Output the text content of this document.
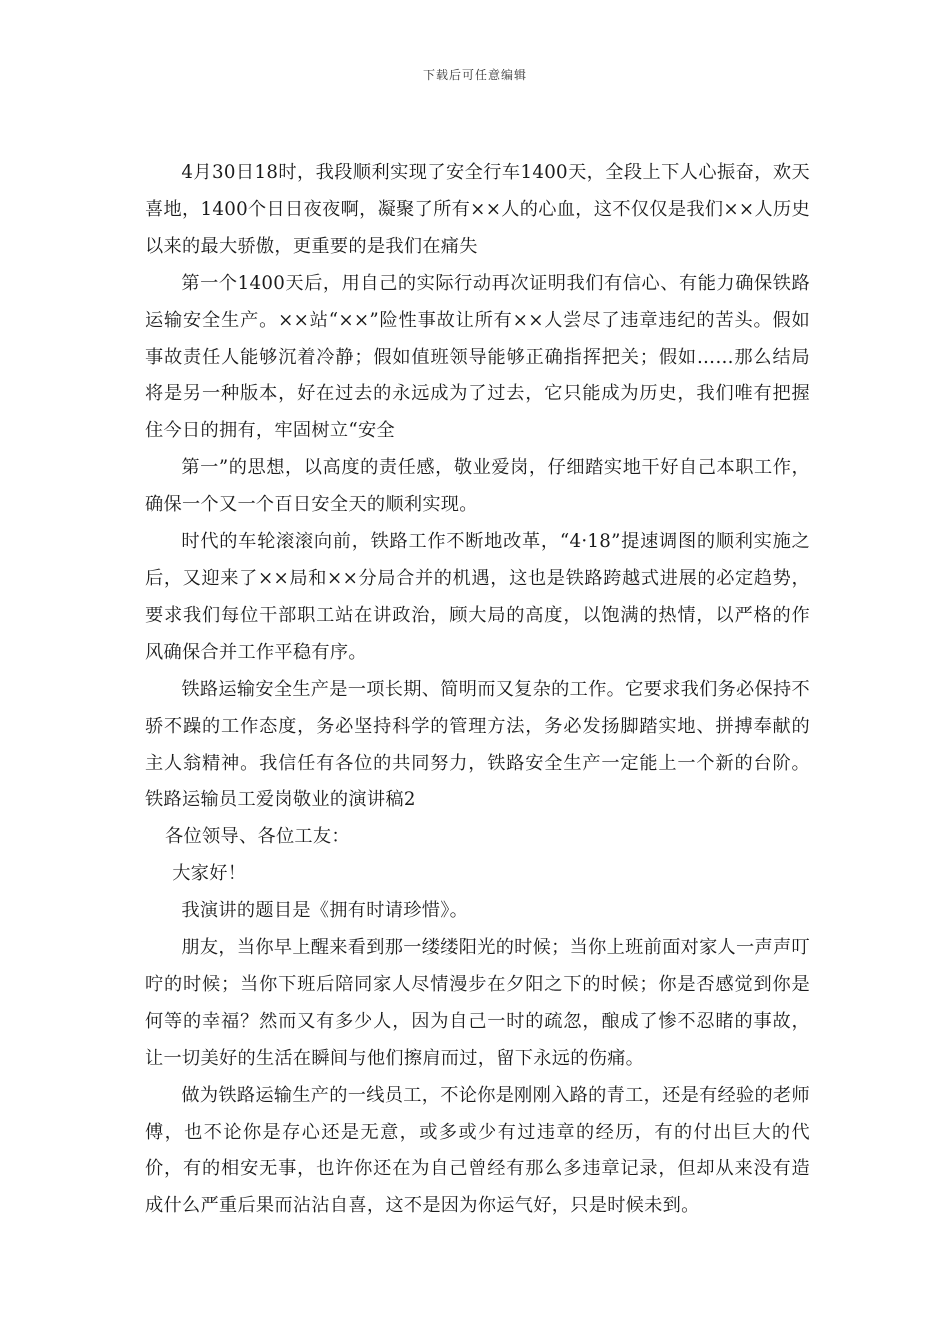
下载后可任意编辑

4月30日18时，我段顺利实现了安全行车1400天，全段上下人心振奋，欢天喜地，1400个日日夜夜啊，凝聚了所有××人的心血，这不仅仅是我们××人历史以来的最大骄傲，更重要的是我们在痛失

第一个1400天后，用自己的实际行动再次证明我们有信心、有能力确保铁路运输安全生产。××站“××”险性事故让所有××人尝尽了违章违纪的苦头。假如事故责任人能够沉着冷静；假如值班领导能够正确指挥把关；假如……那么结局将是另一种版本，好在过去的永远成为了过去，它只能成为历史，我们唯有把握住今日的拥有，牢固树立“安全

第一”的思想，以高度的责任感，敬业爱岗，仔细踏实地干好自己本职工作，确保一个又一个百日安全天的顺利实现。

时代的车轮滚滚向前，铁路工作不断地改革，“4·18”提速调图的顺利实施之后，又迎来了××局和××分局合并的机遇，这也是铁路跨越式进展的必定趋势，要求我们每位干部职工站在讲政治，顾大局的高度，以饱满的热情，以严格的作风确保合并工作平稳有序。

铁路运输安全生产是一项长期、简明而又复杂的工作。它要求我们务必保持不骄不躁的工作态度，务必坚持科学的管理方法，务必发扬脚踏实地、拼搏奉献的主人翁精神。我信任有各位的共同努力，铁路安全生产一定能上一个新的台阶。铁路运输员工爱岗敬业的演讲稿2

各位领导、各位工友：

大家好！

我演讲的题目是《拥有时请珍惜》。

朋友，当你早上醒来看到那一缕缕阳光的时候；当你上班前面对家人一声声叮咛的时候；当你下班后陪同家人尽情漫步在夕阳之下的时候；你是否感觉到你是何等的幸福？然而又有多少人，因为自己一时的疏忽，酿成了惨不忍睹的事故，让一切美好的生活在瞬间与他们擦肩而过，留下永远的伤痛。

做为铁路运输生产的一线员工，不论你是刚刚入路的青工，还是有经验的老师傅，也不论你是存心还是无意，或多或少有过违章的经历，有的付出巨大的代价，有的相安无事，也许你还在为自己曾经有那么多违章记录，但却从来没有造成什么严重后果而沾沾自喜，这不是因为你运气好，只是时候未到。
